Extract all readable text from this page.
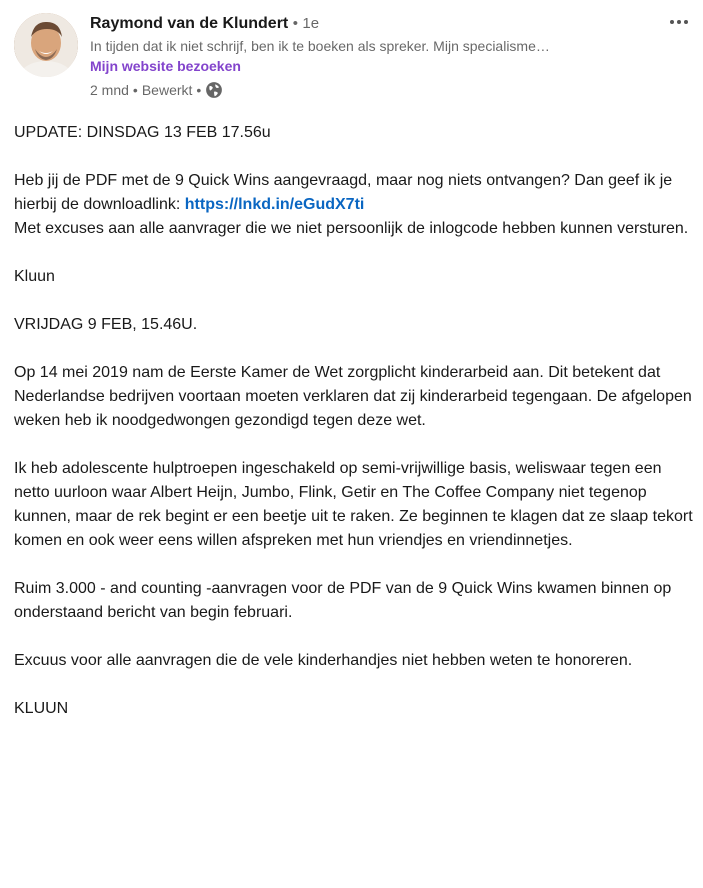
Raymond van de Klundert • 1e
In tijden dat ik niet schrijf, ben ik te boeken als spreker. Mijn specialisme…
Mijn website bezoeken
2 mnd • Bewerkt •

UPDATE: DINSDAG 13 FEB 17.56u

Heb jij de PDF met de 9 Quick Wins aangevraagd, maar nog niets ontvangen? Dan geef ik je hierbij de downloadlink: https://lnkd.in/eGudX7ti
Met excuses aan alle aanvrager die we niet persoonlijk de inlogcode hebben kunnen versturen.

Kluun

VRIJDAG 9 FEB, 15.46U.

Op 14 mei 2019 nam de Eerste Kamer de Wet zorgplicht kinderarbeid aan. Dit betekent dat Nederlandse bedrijven voortaan moeten verklaren dat zij kinderarbeid tegengaan. De afgelopen weken heb ik noodgedwongen gezondigd tegen deze wet.

Ik heb adolescente hulptroepen ingeschakeld op semi-vrijwillige basis, weliswaar tegen een netto uurloon waar Albert Heijn, Jumbo, Flink, Getir en The Coffee Company niet tegenop kunnen, maar de rek begint er een beetje uit te raken. Ze beginnen te klagen dat ze slaap tekort komen en ook weer eens willen afspreken met hun vriendjes en vriendinnetjes.

Ruim 3.000 - and counting -aanvragen voor de PDF van de 9 Quick Wins kwamen binnen op onderstaand bericht van begin februari.

Excuus voor alle aanvragen die de vele kinderhandjes niet hebben weten te honoreren.

KLUUN
